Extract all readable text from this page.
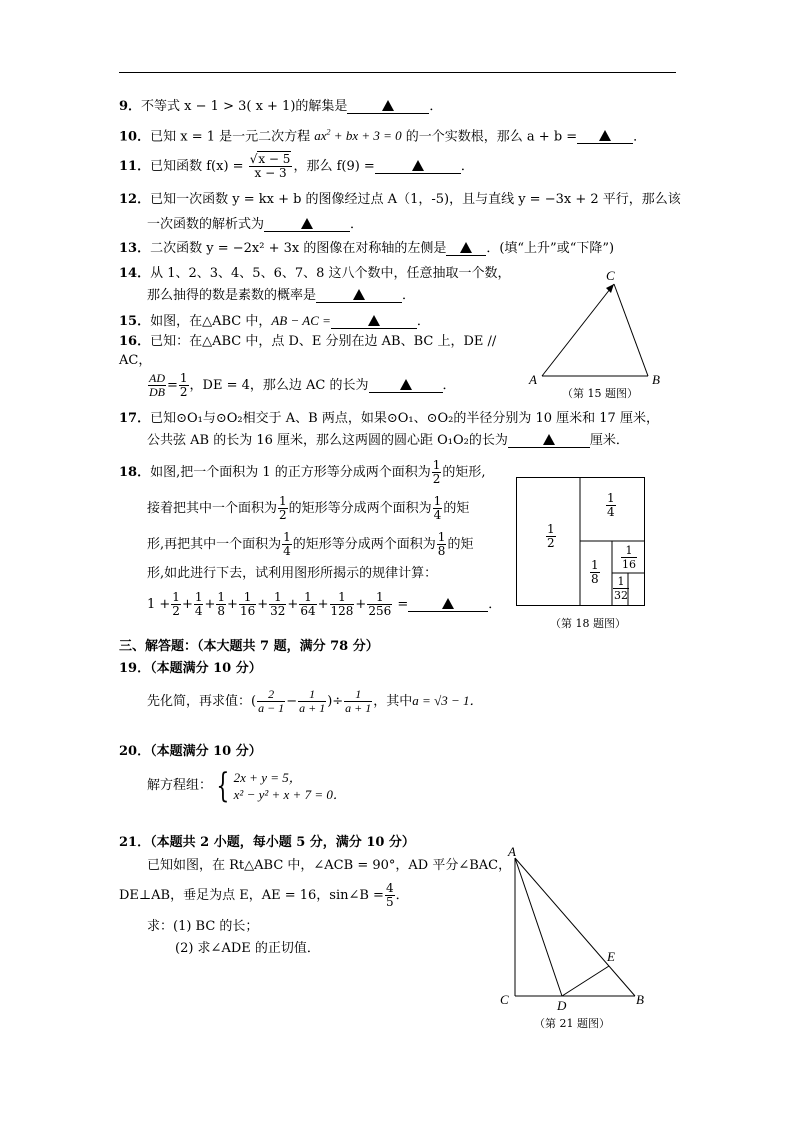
9．不等式 x − 1 > 3( x + 1)的解集是	．
10．已知 x = 1 是一元二次方程 $ax^2$ + bx + 3 = 0 的一个实数根，那么 a + b =	．
11．已知函数 $f(x) = \frac{√x - 5}{x - 3}$ ，那么 f(9) =	．
12．已知一次函数 y = kx + b 的图像经过点 A（1，-5)，且与直线 y = −3x + 2 平行，那么该
一次函数的解析式为	．
13．二次函数 y = −2x² + 3x 的图像在对称轴的左侧是	．(填“上升”或“下降”)
14．从 1、2、3、4、5、6、7、8 这八个数中，任意抽取一个数，
那么抽得的数是素数的概率是	．
15．如图，在△ABC 中，AB − AC =	．
16．已知：在△ABC 中，点 D、E 分别在边 AB、BC 上，DE //
AC，
$\frac{AD}{DB} = \frac{1}{2}$ ，DE = 4，那么边 AC 的长为	．
C
A	B
（第 15 题图）
17．已知⊙O₁与⊙O₂相交于 A、B 两点，如果⊙O₁、⊙O₂的半径分别为 10 厘米和 17 厘米，
公共弦 AB 的长为 16 厘米，那么这两圆的圆心距 O₁O₂的长为	厘米．
18．如图,把一个面积为 1 的正方形等分成两个面积为 $\frac{1}{2}$ 的矩形,
接着把其中一个面积为 $\frac{1}{2}$ 的矩形等分成两个面积为 $\frac{1}{4}$ 的矩
形,再把其中一个面积为 $\frac{1}{4}$ 的矩形等分成两个面积为 $\frac{1}{8}$ 的矩
形,如此进行下去，试利用图形所揭示的规律计算：
$1 + \frac{1}{2} + \frac{1}{4} + \frac{1}{8} + \frac{1}{16} + \frac{1}{32} + \frac{1}{64} + \frac{1}{128} + \frac{1}{256}$ =	．
$\frac{1}{2}$
$\frac{1}{4}$
$\frac{1}{8}$
$\frac{1}{16}$
$\frac{1}{32}$
（第 18 题图）
三、解答题：（本大题共 7 题，满分 78 分）
19．（本题满分 10 分）
先化简，再求值：( $\frac{2}{a - 1} - \frac{1}{a + 1}$ )÷ $\frac{1}{a + 1}$ ，其中a = √3 − 1．
20．（本题满分 10 分）
解方程组： { 2x + y = 5，
x² − y² + x + 7 = 0．
21．（本题共 2 小题，每小题 5 分，满分 10 分）
已知如图，在 Rt△ABC 中，∠ACB = 90°，AD 平分∠BAC，
DE⊥AB，垂足为点 E，AE = 16，sin∠B = $\frac{4}{5}$ ．
求：(1) BC 的长；
(2) 求∠ADE 的正切值．
A
E
C	D	B
（第 21 题图）
